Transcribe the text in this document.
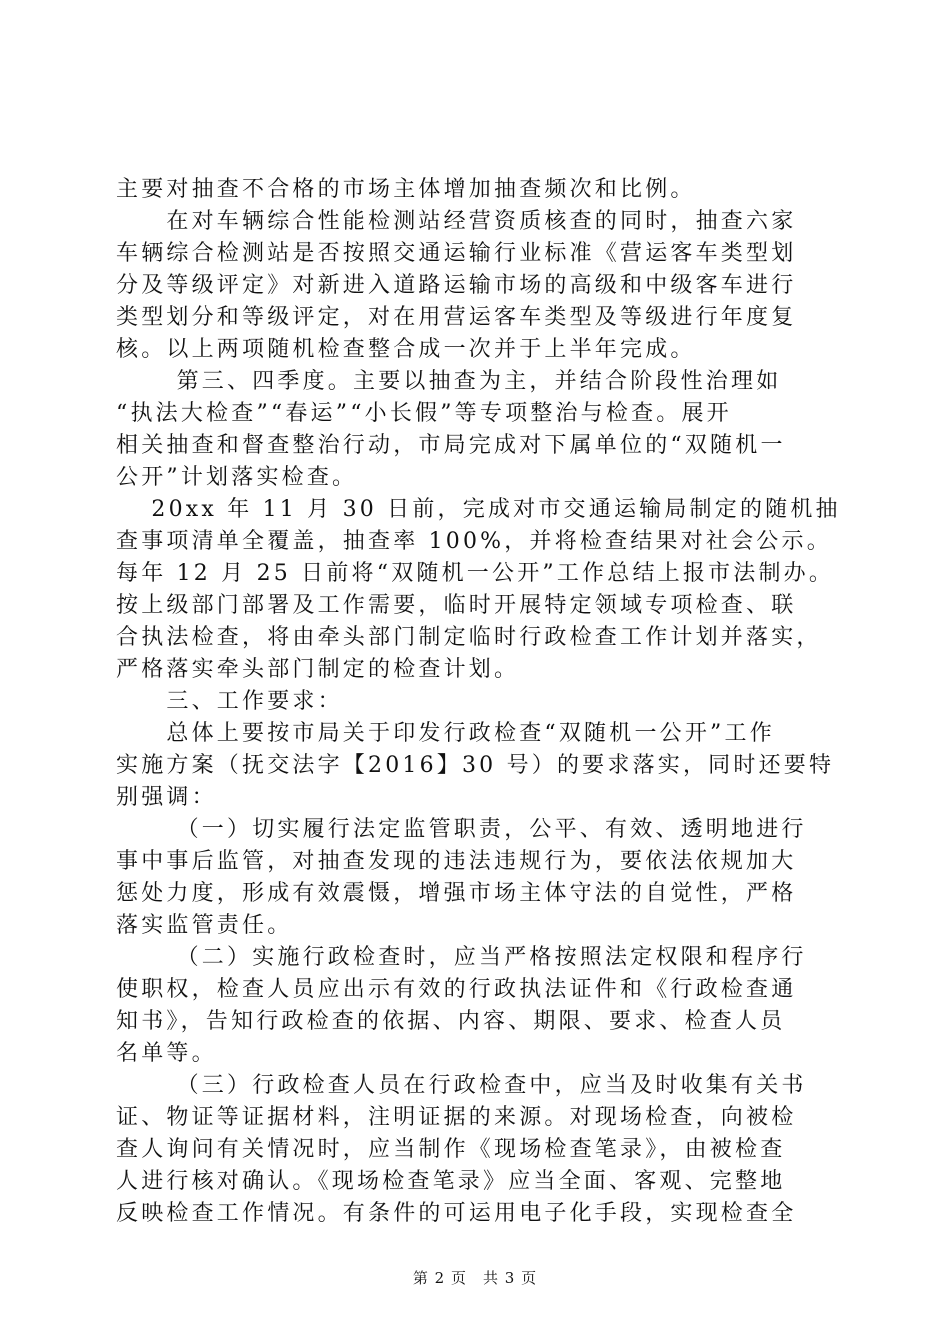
主要对抽查不合格的市场主体增加抽查频次和比例。
　　在对车辆综合性能检测站经营资质核查的同时，抽查六家
车辆综合检测站是否按照交通运输行业标准《营运客车类型划
分及等级评定》对新进入道路运输市场的高级和中级客车进行
类型划分和等级评定，对在用营运客车类型及等级进行年度复
核。以上两项随机检查整合成一次并于上半年完成。
　　 第三、四季度。主要以抽查为主，并结合阶段性治理如
“执法大检查”“春运”“小长假”等专项整治与检查。展开
相关抽查和督查整治行动，市局完成对下属单位的“双随机一
公开”计划落实检查。
　 20xx 年 11 月 30 日前，完成对市交通运输局制定的随机抽
查事项清单全覆盖，抽查率 100%，并将检查结果对社会公示。
每年 12 月 25 日前将“双随机一公开”工作总结上报市法制办。
按上级部门部署及工作需要，临时开展特定领域专项检查、联
合执法检查，将由牵头部门制定临时行政检查工作计划并落实，
严格落实牵头部门制定的检查计划。
　　三、工作要求：
　　总体上要按市局关于印发行政检查“双随机一公开”工作
实施方案（抚交法字【2016】30 号）的要求落实，同时还要特
别强调：
　　 （一）切实履行法定监管职责，公平、有效、透明地进行
事中事后监管，对抽查发现的违法违规行为，要依法依规加大
惩处力度，形成有效震慑，增强市场主体守法的自觉性，严格
落实监管责任。
　　 （二）实施行政检查时，应当严格按照法定权限和程序行
使职权，检查人员应出示有效的行政执法证件和《行政检查通
知书》，告知行政检查的依据、内容、期限、要求、检查人员
名单等。
　　 （三）行政检查人员在行政检查中，应当及时收集有关书
证、物证等证据材料，注明证据的来源。对现场检查，向被检
查人询问有关情况时，应当制作《现场检查笔录》，由被检查
人进行核对确认。《现场检查笔录》应当全面、客观、完整地
反映检查工作情况。有条件的可运用电子化手段，实现检查全
第 2 页　共 3 页
